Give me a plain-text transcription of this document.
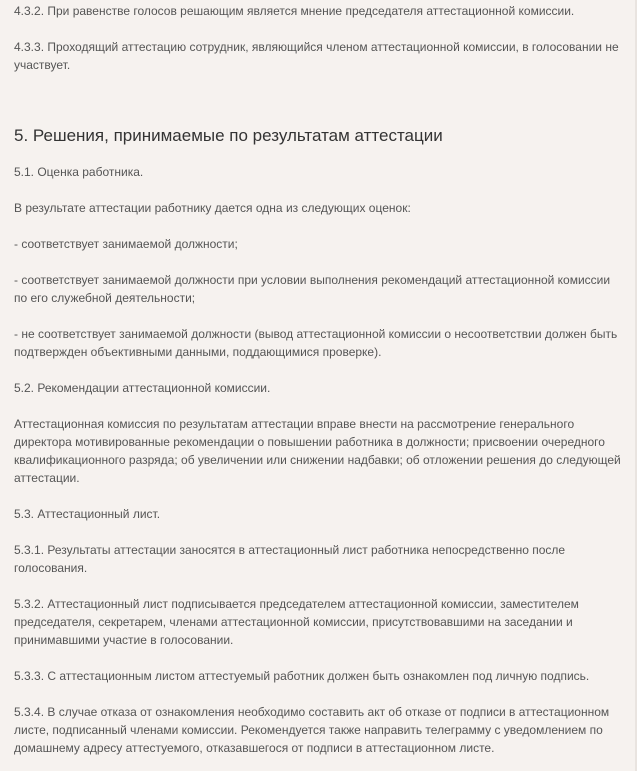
4.3.2. При равенстве голосов решающим является мнение председателя аттестационной комиссии.

4.3.3. Проходящий аттестацию сотрудник, являющийся членом аттестационной комиссии, в голосовании не участвует.

5. Решения, принимаемые по результатам аттестации

5.1. Оценка работника.

В результате аттестации работнику дается одна из следующих оценок:

- соответствует занимаемой должности;

- соответствует занимаемой должности при условии выполнения рекомендаций аттестационной комиссии по его служебной деятельности;

- не соответствует занимаемой должности (вывод аттестационной комиссии о несоответствии должен быть подтвержден объективными данными, поддающимися проверке).

5.2. Рекомендации аттестационной комиссии.

Аттестационная комиссия по результатам аттестации вправе внести на рассмотрение генерального директора мотивированные рекомендации о повышении работника в должности; присвоении очередного квалификационного разряда; об увеличении или снижении надбавки; об отложении решения до следующей аттестации.

5.3. Аттестационный лист.

5.3.1. Результаты аттестации заносятся в аттестационный лист работника непосредственно после голосования.

5.3.2. Аттестационный лист подписывается председателем аттестационной комиссии, заместителем председателя, секретарем, членами аттестационной комиссии, присутствовавшими на заседании и принимавшими участие в голосовании.

5.3.3. С аттестационным листом аттестуемый работник должен быть ознакомлен под личную подпись.

5.3.4. В случае отказа от ознакомления необходимо составить акт об отказе от подписи в аттестационном листе, подписанный членами комиссии. Рекомендуется также направить телеграмму с уведомлением по домашнему адресу аттестуемого, отказавшегося от подписи в аттестационном листе.
